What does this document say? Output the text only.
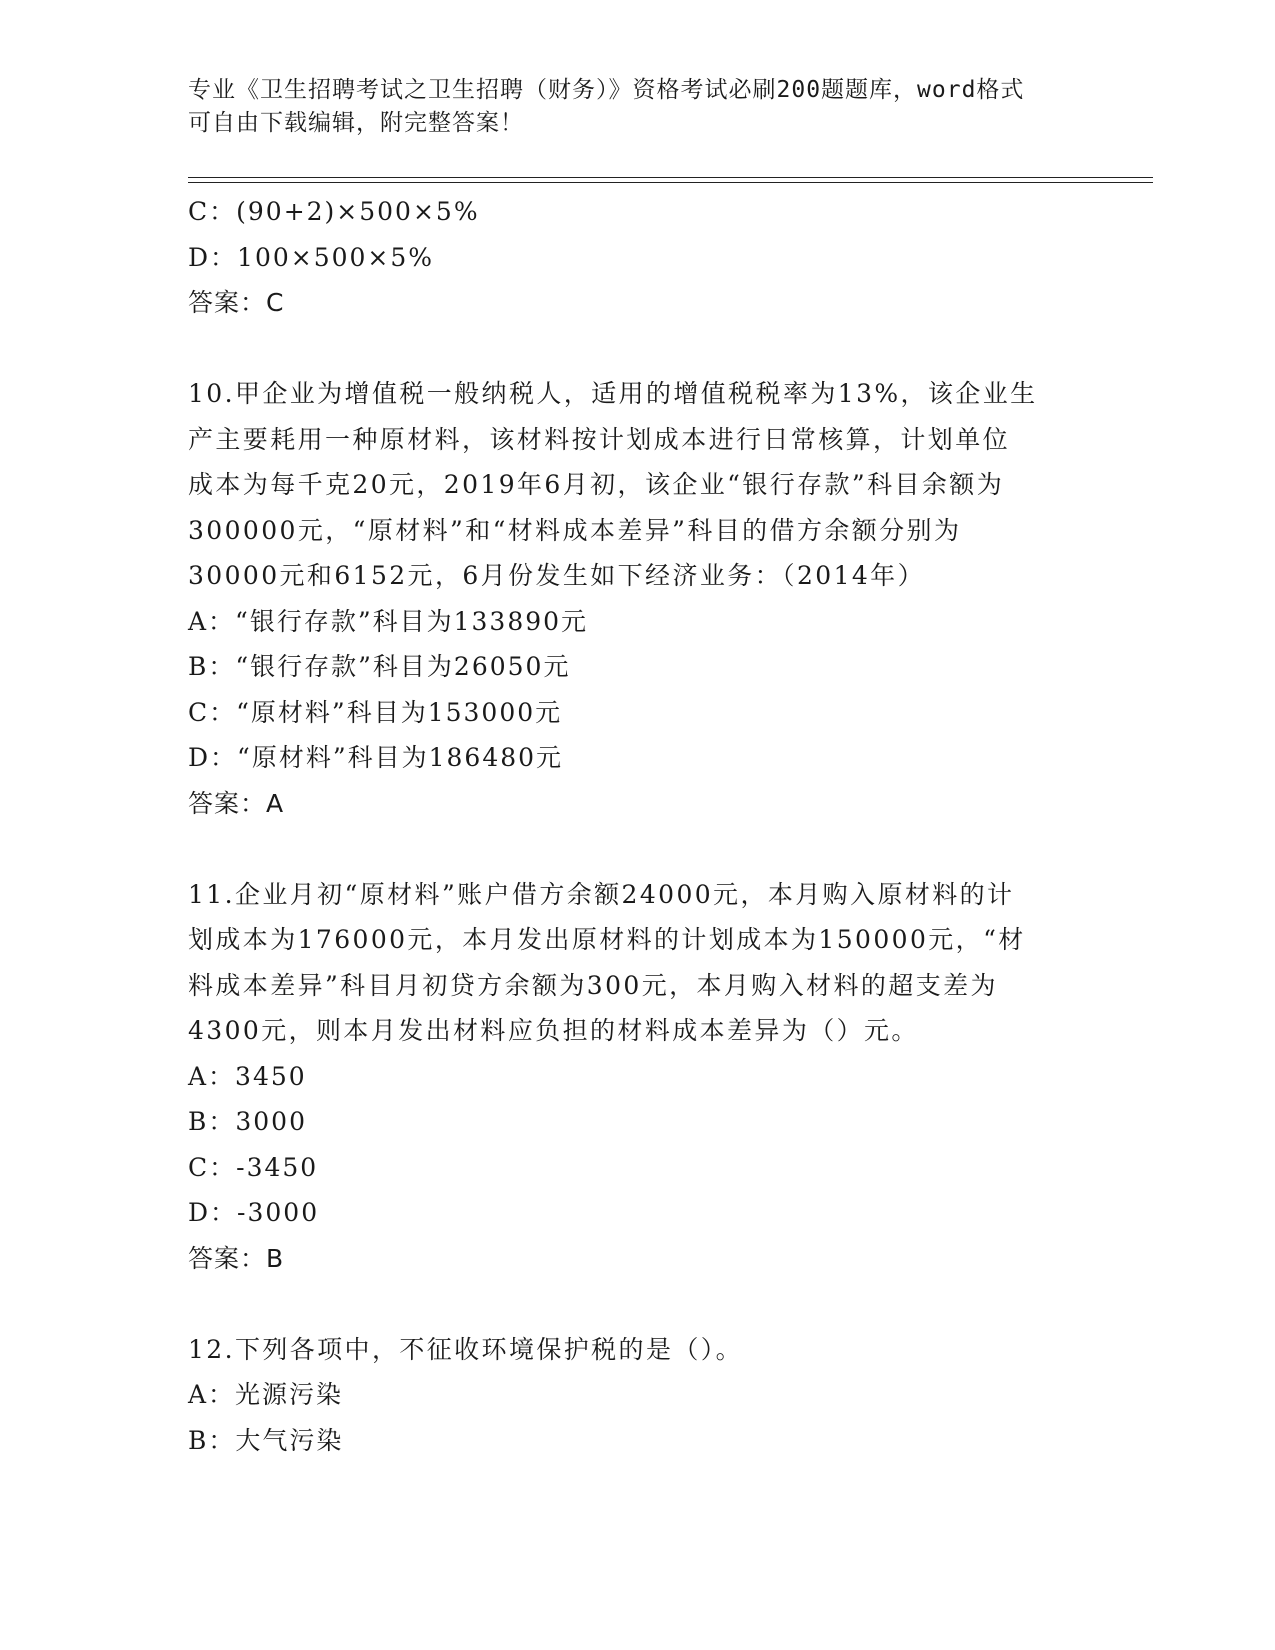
专业《卫生招聘考试之卫生招聘（财务）》资格考试必刷200题题库，word格式
可自由下载编辑，附完整答案！
C：(90+2)×500×5%
D：100×500×5%
答案：C
10.甲企业为增值税一般纳税人，适用的增值税税率为13%，该企业生
产主要耗用一种原材料，该材料按计划成本进行日常核算，计划单位
成本为每千克20元，2019年6月初，该企业“银行存款”科目余额为
300000元，“原材料”和“材料成本差异”科目的借方余额分别为
30000元和6152元，6月份发生如下经济业务：（2014年）
A：“银行存款”科目为133890元
B：“银行存款”科目为26050元
C：“原材料”科目为153000元
D：“原材料”科目为186480元
答案：A
11.企业月初“原材料”账户借方余额24000元，本月购入原材料的计
划成本为176000元，本月发出原材料的计划成本为150000元，“材
料成本差异”科目月初贷方余额为300元，本月购入材料的超支差为
4300元，则本月发出材料应负担的材料成本差异为（）元。
A：3450
B：3000
C：-3450
D：-3000
答案：B
12.下列各项中，不征收环境保护税的是（）。
A：光源污染
B：大气污染
